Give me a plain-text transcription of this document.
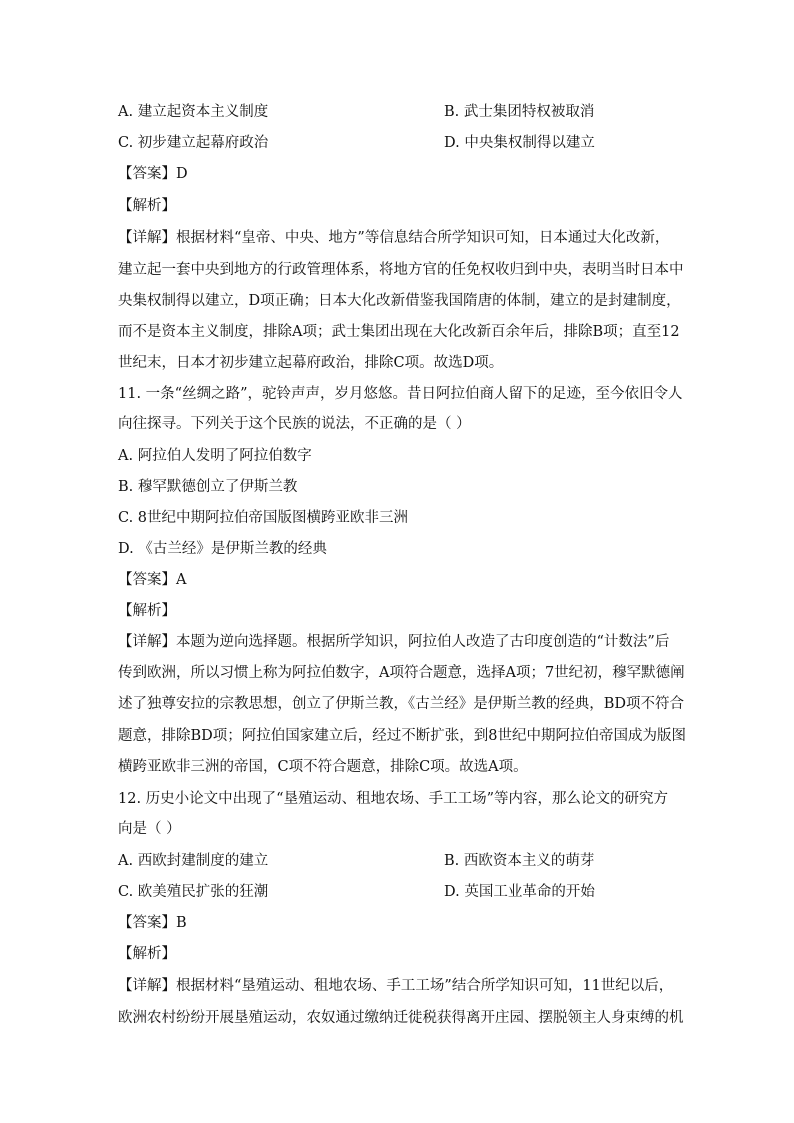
A. 建立起资本主义制度	B. 武士集团特权被取消
C. 初步建立起幕府政治	D. 中央集权制得以建立
【答案】D
【解析】
【详解】根据材料“皇帝、中央、地方”等信息结合所学知识可知，日本通过大化改新，
建立起一套中央到地方的行政管理体系，将地方官的任免权收归到中央，表明当时日本中
央集权制得以建立，D项正确；日本大化改新借鉴我国隋唐的体制，建立的是封建制度，
而不是资本主义制度，排除A项；武士集团出现在大化改新百余年后，排除B项；直至12
世纪末，日本才初步建立起幕府政治，排除C项。故选D项。
11. 一条“丝绸之路”，驼铃声声，岁月悠悠。昔日阿拉伯商人留下的足迹，至今依旧令人
向往探寻。下列关于这个民族的说法，不正确的是（ ）
A. 阿拉伯人发明了阿拉伯数字
B. 穆罕默德创立了伊斯兰教
C. 8世纪中期阿拉伯帝国版图横跨亚欧非三洲
D. 《古兰经》是伊斯兰教的经典
【答案】A
【解析】
【详解】本题为逆向选择题。根据所学知识，阿拉伯人改造了古印度创造的“计数法”后
传到欧洲，所以习惯上称为阿拉伯数字，A项符合题意，选择A项；7世纪初，穆罕默德阐
述了独尊安拉的宗教思想，创立了伊斯兰教，《古兰经》是伊斯兰教的经典，BD项不符合
题意，排除BD项；阿拉伯国家建立后，经过不断扩张，到8世纪中期阿拉伯帝国成为版图
横跨亚欧非三洲的帝国，C项不符合题意，排除C项。故选A项。
12. 历史小论文中出现了“垦殖运动、租地农场、手工工场”等内容，那么论文的研究方
向是（ ）
A. 西欧封建制度的建立	B. 西欧资本主义的萌芽
C. 欧美殖民扩张的狂潮	D. 英国工业革命的开始
【答案】B
【解析】
【详解】根据材料“垦殖运动、租地农场、手工工场”结合所学知识可知，11世纪以后，
欧洲农村纷纷开展垦殖运动，农奴通过缴纳迁徙税获得离开庄园、摆脱领主人身束缚的机
